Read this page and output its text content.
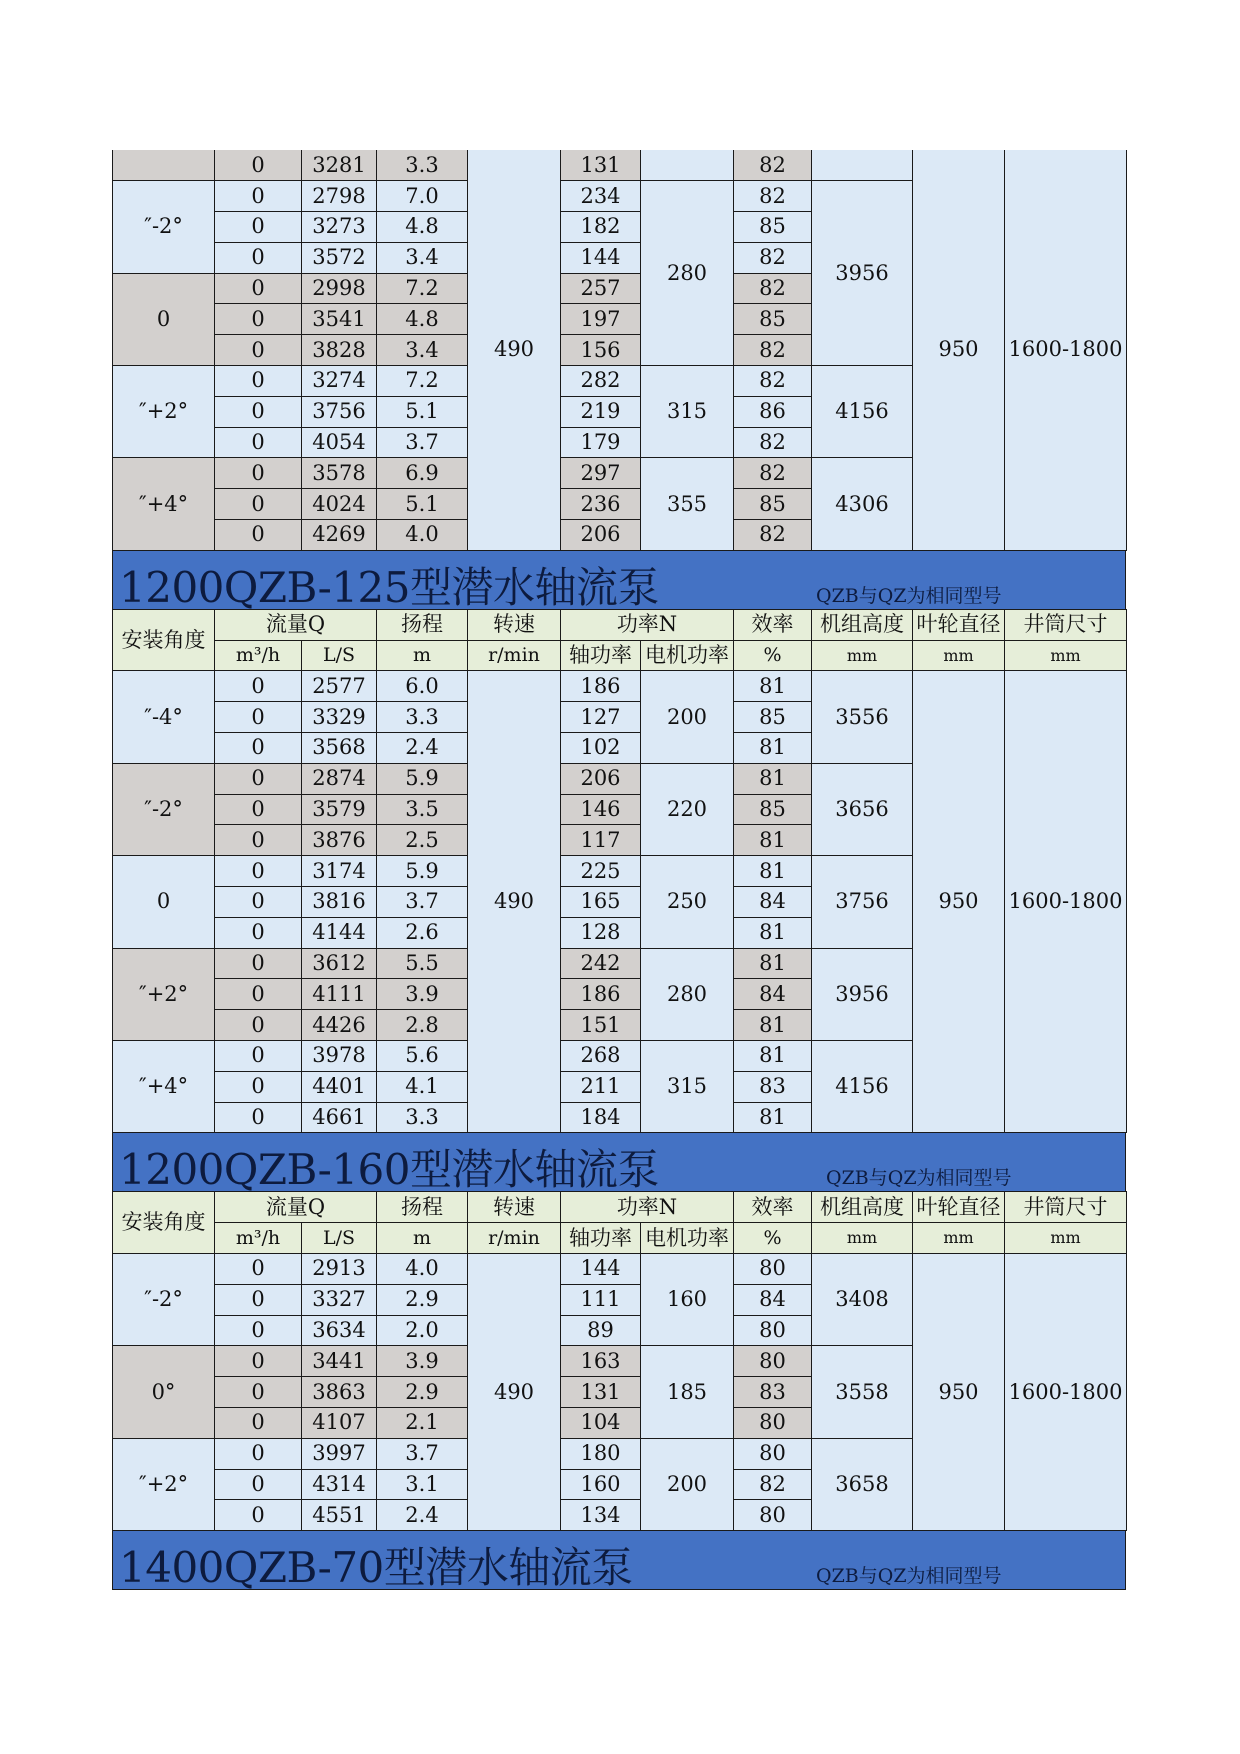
	0	3281	3.3	490	131		82		950	1600-1800
″-2°	0	2798	7.0		234	280	82	3956		
	0	3273	4.8		182		85			
	0	3572	3.4		144		82			
0	0	2998	7.2		257		82			
	0	3541	4.8		197		85			
	0	3828	3.4		156		82			
″+2°	0	3274	7.2		282	315	82	4156		
	0	3756	5.1		219		86			
	0	4054	3.7		179		82			
″+4°	0	3578	6.9		297	355	82	4306		
	0	4024	5.1		236		85			
	0	4269	4.0		206		82			
1200QZB-125型潜水轴流泵	QZB与QZ为相同型号
安装角度	流量Q		扬程	转速	功率N		效率	机组高度	叶轮直径	井筒尺寸
	m³/h	L/S	m	r/min	轴功率	电机功率	%	mm	mm	mm
″-4°	0	2577	6.0	490	186	200	81	3556	950	1600-1800
	0	3329	3.3		127		85			
	0	3568	2.4		102		81			
″-2°	0	2874	5.9		206	220	81	3656		
	0	3579	3.5		146		85			
	0	3876	2.5		117		81			
0	0	3174	5.9		225	250	81	3756		
	0	3816	3.7		165		84			
	0	4144	2.6		128		81			
″+2°	0	3612	5.5		242	280	81	3956		
	0	4111	3.9		186		84			
	0	4426	2.8		151		81			
″+4°	0	3978	5.6		268	315	81	4156		
	0	4401	4.1		211		83			
	0	4661	3.3		184		81			
1200QZB-160型潜水轴流泵	QZB与QZ为相同型号
安装角度	流量Q		扬程	转速	功率N		效率	机组高度	叶轮直径	井筒尺寸
	m³/h	L/S	m	r/min	轴功率	电机功率	%	mm	mm	mm
″-2°	0	2913	4.0	490	144	160	80	3408	950	1600-1800
	0	3327	2.9		111		84			
	0	3634	2.0		89		80			
0°	0	3441	3.9		163	185	80	3558		
	0	3863	2.9		131		83			
	0	4107	2.1		104		80			
″+2°	0	3997	3.7		180	200	80	3658		
	0	4314	3.1		160		82			
	0	4551	2.4		134		80			
1400QZB-70型潜水轴流泵	QZB与QZ为相同型号
